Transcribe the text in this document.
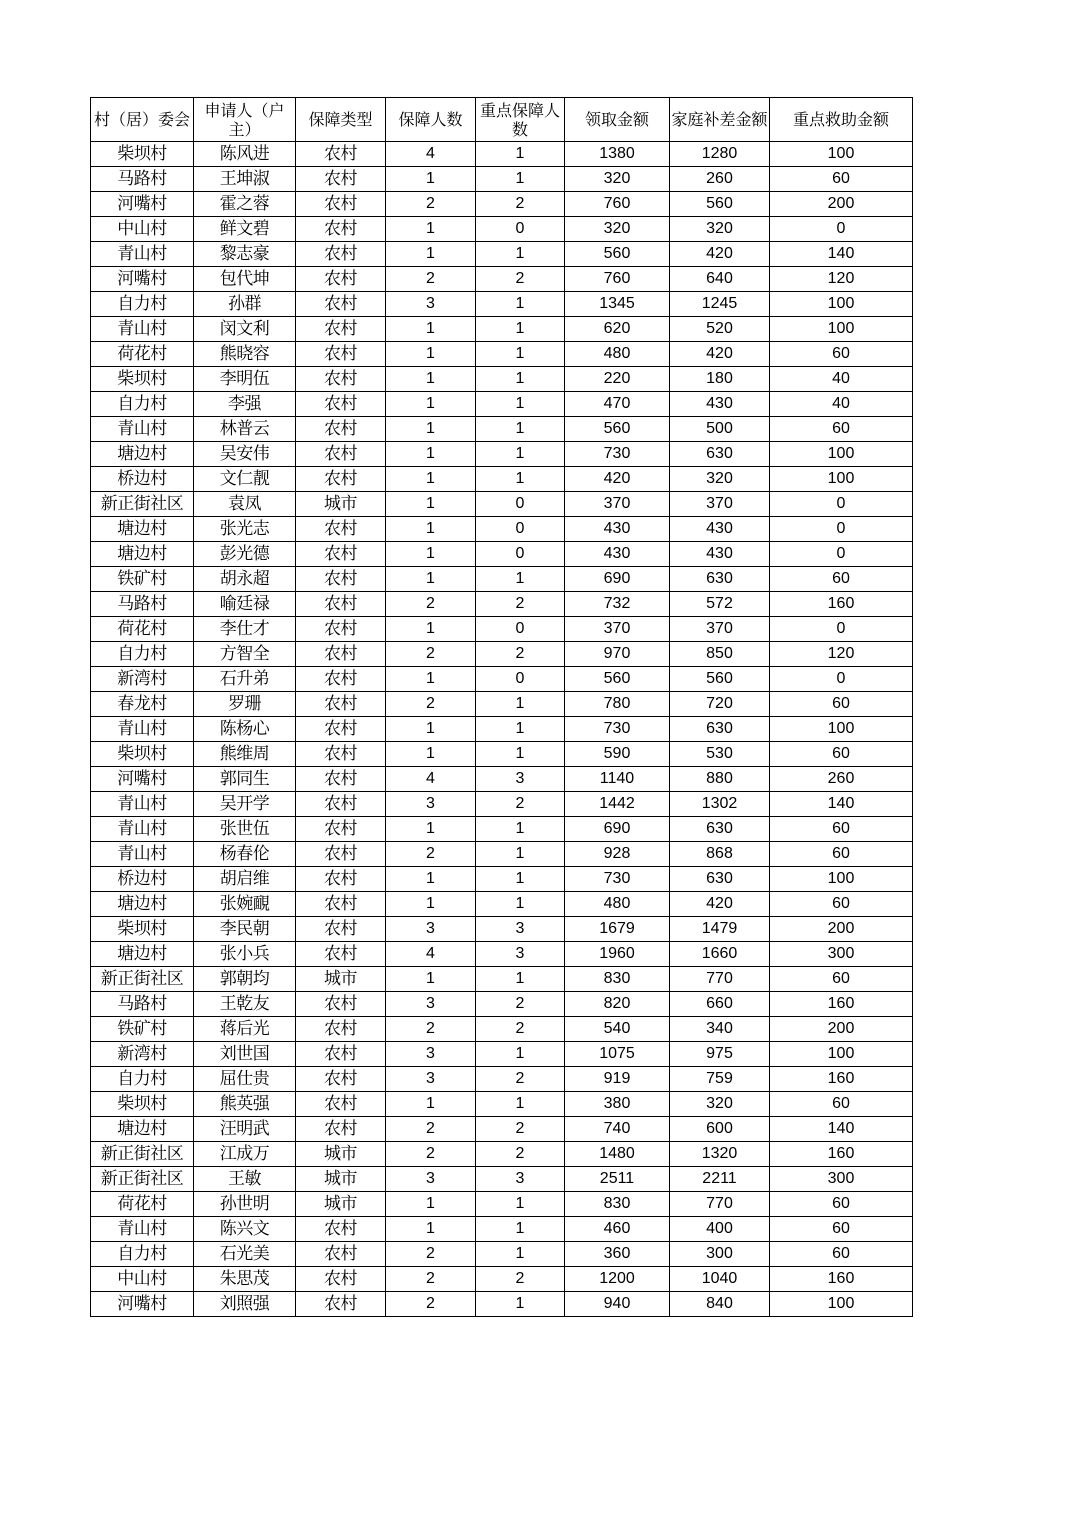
村（居）委会	申请人（户主）	保障类型	保障人数	重点保障人数	领取金额	家庭补差金额	重点救助金额
柴坝村	陈风进	农村	4	1	1380	1280	100
马路村	王坤淑	农村	1	1	320	260	60
河嘴村	霍之蓉	农村	2	2	760	560	200
中山村	鲜文碧	农村	1	0	320	320	0
青山村	黎志豪	农村	1	1	560	420	140
河嘴村	包代坤	农村	2	2	760	640	120
自力村	孙群	农村	3	1	1345	1245	100
青山村	闵文利	农村	1	1	620	520	100
荷花村	熊晓容	农村	1	1	480	420	60
柴坝村	李明伍	农村	1	1	220	180	40
自力村	李强	农村	1	1	470	430	40
青山村	林普云	农村	1	1	560	500	60
塘边村	吴安伟	农村	1	1	730	630	100
桥边村	文仁靓	农村	1	1	420	320	100
新正街社区	袁凤	城市	1	0	370	370	0
塘边村	张光志	农村	1	0	430	430	0
塘边村	彭光德	农村	1	0	430	430	0
铁矿村	胡永超	农村	1	1	690	630	60
马路村	喻廷禄	农村	2	2	732	572	160
荷花村	李仕才	农村	1	0	370	370	0
自力村	方智全	农村	2	2	970	850	120
新湾村	石升弟	农村	1	0	560	560	0
春龙村	罗珊	农村	2	1	780	720	60
青山村	陈杨心	农村	1	1	730	630	100
柴坝村	熊维周	农村	1	1	590	530	60
河嘴村	郭同生	农村	4	3	1140	880	260
青山村	吴开学	农村	3	2	1442	1302	140
青山村	张世伍	农村	1	1	690	630	60
青山村	杨春伦	农村	2	1	928	868	60
桥边村	胡启维	农村	1	1	730	630	100
塘边村	张婉靦	农村	1	1	480	420	60
柴坝村	李民朝	农村	3	3	1679	1479	200
塘边村	张小兵	农村	4	3	1960	1660	300
新正街社区	郭朝均	城市	1	1	830	770	60
马路村	王乾友	农村	3	2	820	660	160
铁矿村	蒋后光	农村	2	2	540	340	200
新湾村	刘世国	农村	3	1	1075	975	100
自力村	屈仕贵	农村	3	2	919	759	160
柴坝村	熊英强	农村	1	1	380	320	60
塘边村	汪明武	农村	2	2	740	600	140
新正街社区	江成万	城市	2	2	1480	1320	160
新正街社区	王敏	城市	3	3	2511	2211	300
荷花村	孙世明	城市	1	1	830	770	60
青山村	陈兴文	农村	1	1	460	400	60
自力村	石光美	农村	2	1	360	300	60
中山村	朱思茂	农村	2	2	1200	1040	160
河嘴村	刘照强	农村	2	1	940	840	100
